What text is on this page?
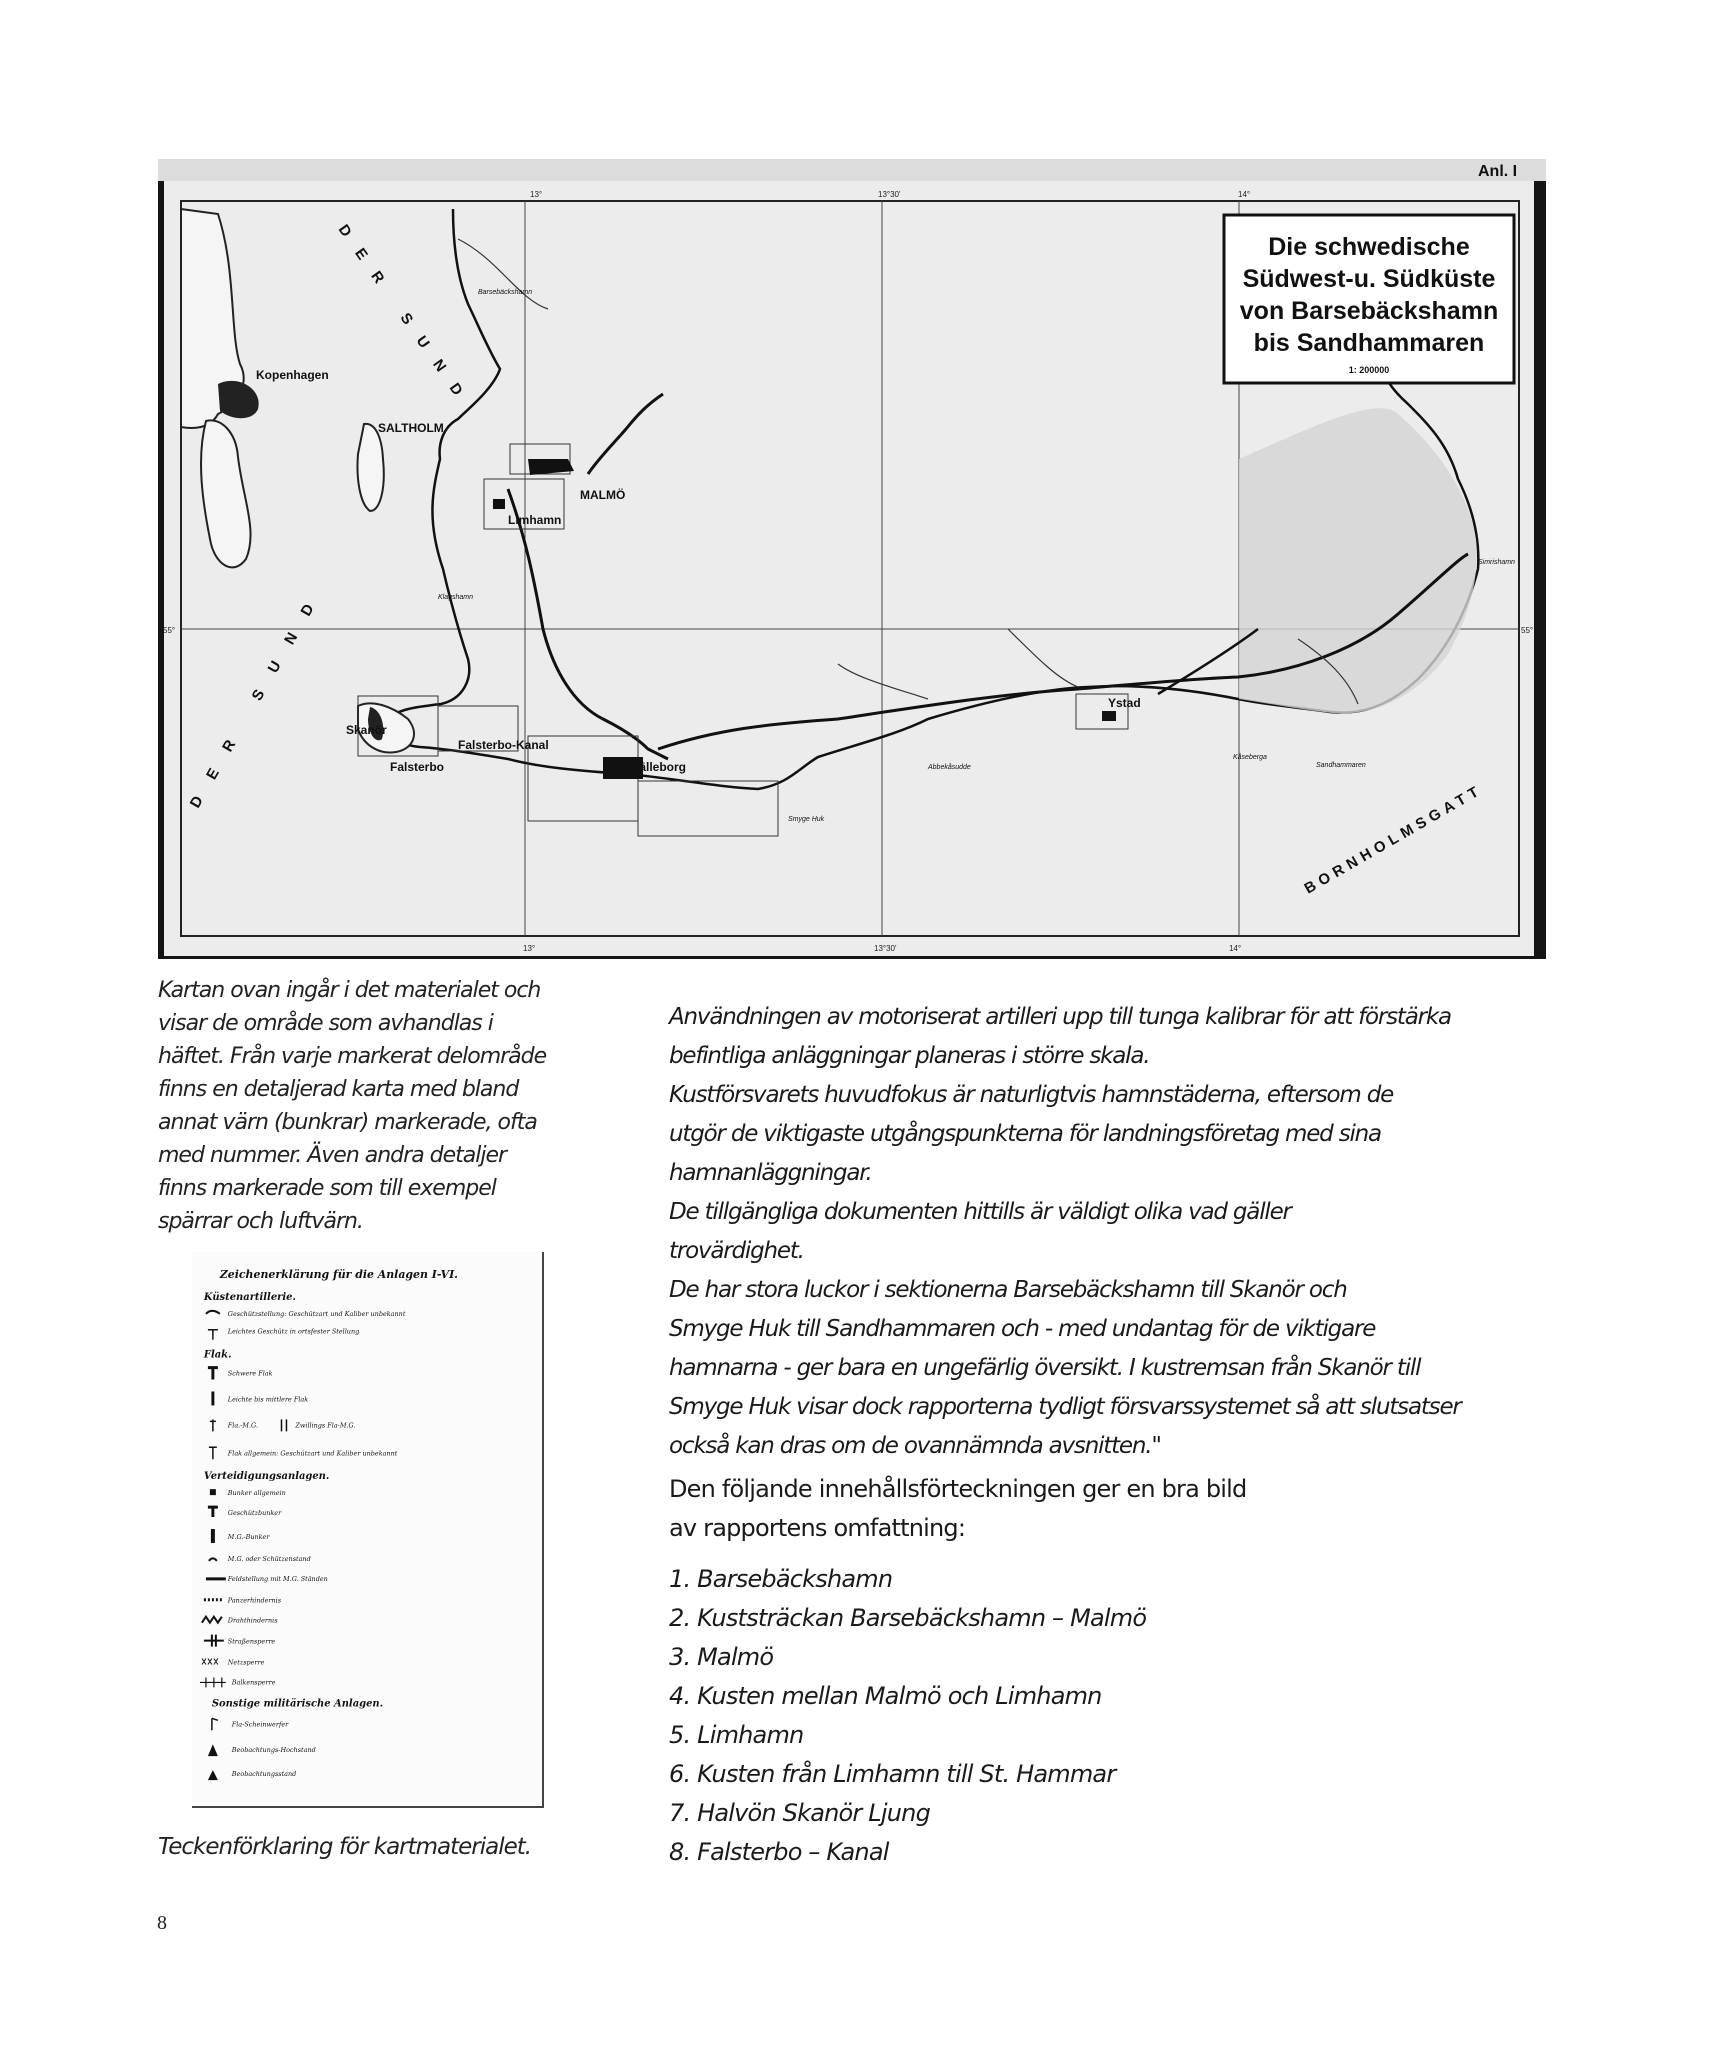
Anl. I
13°	13°30'	14°
13°	13°30'	14°
55°	55°
Kopenhagen
SALTHOLM
MALMÖ
Limhamn
Barsebäckshamn
Klagshamn
Skanör
Falsterbo-Kanal
Falsterbo	Trälleborg
Ystad
Simrishamn
Abbekåsudde
Smyge Huk
Sandhammaren
Kåseberga
DER SUND
DER SUND
BORNHOLMSGATT
Die schwedische
Südwest-u. Südküste
von Barsebäckshamn
bis Sandhammaren
1: 200000
Kartan ovan ingår i det materialet och
visar de område som avhandlas i
häftet. Från varje markerat delområde
finns en detaljerad karta med bland
annat värn (bunkrar) markerade, ofta
med nummer. Även andra detaljer
finns markerade som till exempel
spärrar och luftvärn.
Användningen av motoriserat artilleri upp till tunga kalibrar för att förstärka
befintliga anläggningar planeras i större skala.
Kustförsvarets huvudfokus är naturligtvis hamnstäderna, eftersom de
utgör de viktigaste utgångspunkterna för landningsföretag med sina
hamnanläggningar.
De tillgängliga dokumenten hittills är väldigt olika vad gäller
trovärdighet.
De har stora luckor i sektionerna Barsebäckshamn till Skanör och
Smyge Huk till Sandhammaren och - med undantag för de viktigare
hamnarna - ger bara en ungefärlig översikt. I kustremsan från Skanör till
Smyge Huk visar dock rapporterna tydligt försvarssystemet så att slutsatser
också kan dras om de ovannämnda avsnitten."
Den följande innehållsförteckningen ger en bra bild
av rapportens omfattning:
1. Barsebäckshamn
2. Kuststräckan Barsebäckshamn – Malmö
3. Malmö
4. Kusten mellan Malmö och Limhamn
5. Limhamn
6. Kusten från Limhamn till St. Hammar
7. Halvön Skanör Ljung
8. Falsterbo – Kanal
Zeichenerklärung für die Anlagen I-VI.
Küstenartillerie.
Geschützstellung: Geschützart und Kaliber unbekannt
Leichtes Geschütz in ortsfester Stellung
Flak.
Schwere Flak
Leichte bis mittlere Flak
Fla.-M.G.	Zwillings Fla-M.G.
Flak allgemein: Geschützart und Kaliber unbekannt
Verteidigungsanlagen.
Bunker allgemein
Geschützbunker
M.G.-Bunker
M.G. oder Schützenstand
Feldstellung mit M.G. Ständen
Panzerhindernis
Drahthindernis
Straßensperre
Netzsperre
Balkensperre
Sonstige militärische Anlagen.
Fla-Scheinwerfer
Beobachtungs-Hochstand
Beobachtungsstand
Teckenförklaring för kartmaterialet.
8
